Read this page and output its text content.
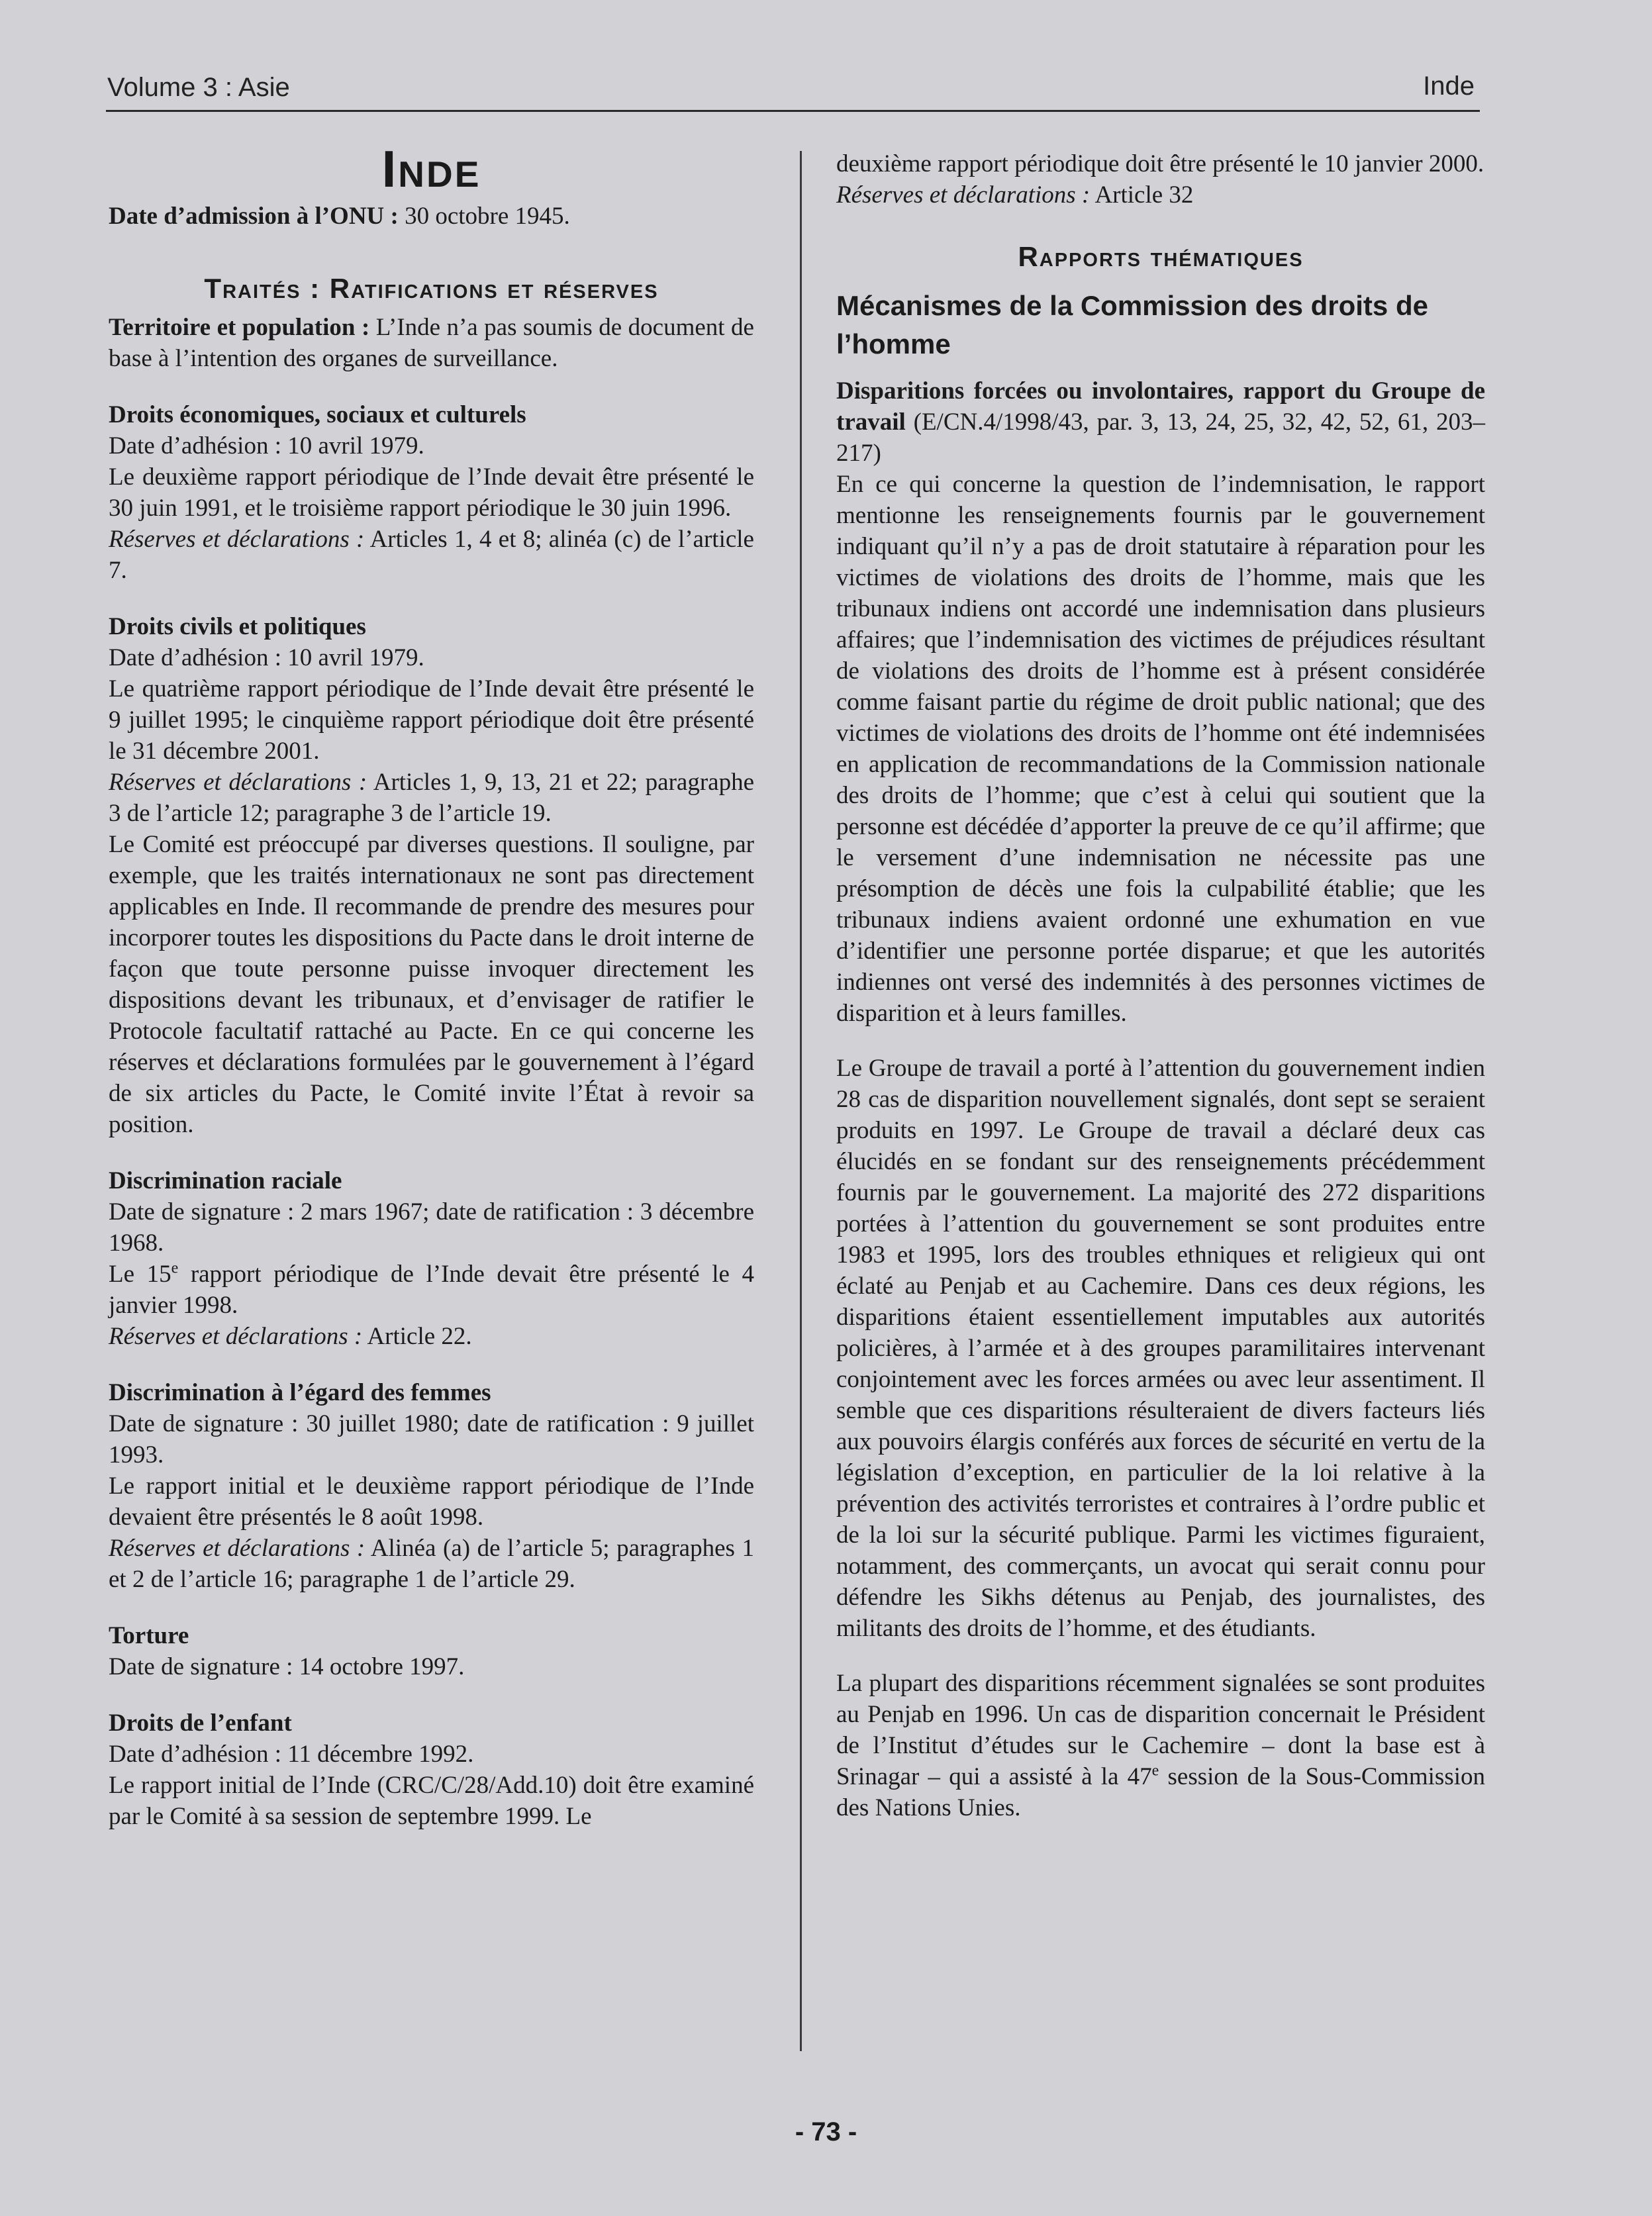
Volume 3 : Asie	Inde
Inde

Date d’admission à l’ONU : 30 octobre 1945.

Traités : Ratifications et réserves

Territoire et population : L’Inde n’a pas soumis de document de base à l’intention des organes de surveillance.

Droits économiques, sociaux et culturels

Date d’adhésion : 10 avril 1979.

Le deuxième rapport périodique de l’Inde devait être présenté le 30 juin 1991, et le troisième rapport périodique le 30 juin 1996.

Réserves et déclarations : Articles 1, 4 et 8; alinéa (c) de l’article 7.

Droits civils et politiques

Date d’adhésion : 10 avril 1979.

Le quatrième rapport périodique de l’Inde devait être présenté le 9 juillet 1995; le cinquième rapport périodique doit être présenté le 31 décembre 2001.

Réserves et déclarations : Articles 1, 9, 13, 21 et 22; paragraphe 3 de l’article 12; paragraphe 3 de l’article 19.

Le Comité est préoccupé par diverses questions. Il souligne, par exemple, que les traités internationaux ne sont pas directement applicables en Inde. Il recommande de prendre des mesures pour incorporer toutes les dispositions du Pacte dans le droit interne de façon que toute personne puisse invoquer directement les dispositions devant les tribunaux, et d’envisager de ratifier le Protocole facultatif rattaché au Pacte. En ce qui concerne les réserves et déclarations formulées par le gouvernement à l’égard de six articles du Pacte, le Comité invite l’État à revoir sa position.

Discrimination raciale

Date de signature : 2 mars 1967; date de ratification : 3 décembre 1968.

Le 15e rapport périodique de l’Inde devait être présenté le 4 janvier 1998.

Réserves et déclarations : Article 22.

Discrimination à l’égard des femmes

Date de signature : 30 juillet 1980; date de ratification : 9 juillet 1993.

Le rapport initial et le deuxième rapport périodique de l’Inde devaient être présentés le 8 août 1998.

Réserves et déclarations : Alinéa (a) de l’article 5; paragraphes 1 et 2 de l’article 16; paragraphe 1 de l’article 29.

Torture

Date de signature : 14 octobre 1997.

Droits de l’enfant

Date d’adhésion : 11 décembre 1992.

Le rapport initial de l’Inde (CRC/C/28/Add.10) doit être examiné par le Comité à sa session de septembre 1999. Le

deuxième rapport périodique doit être présenté le 10 janvier 2000.

Réserves et déclarations : Article 32

Rapports thématiques
Mécanismes de la Commission des droits de l’homme

Disparitions forcées ou involontaires, rapport du Groupe de travail (E/CN.4/1998/43, par. 3, 13, 24, 25, 32, 42, 52, 61, 203–217)

En ce qui concerne la question de l’indemnisation, le rapport mentionne les renseignements fournis par le gouvernement indiquant qu’il n’y a pas de droit statutaire à réparation pour les victimes de violations des droits de l’homme, mais que les tribunaux indiens ont accordé une indemnisation dans plusieurs affaires; que l’indemnisation des victimes de préjudices résultant de violations des droits de l’homme est à présent considérée comme faisant partie du régime de droit public national; que des victimes de violations des droits de l’homme ont été indemnisées en application de recommandations de la Commission nationale des droits de l’homme; que c’est à celui qui soutient que la personne est décédée d’apporter la preuve de ce qu’il affirme; que le versement d’une indemnisation ne nécessite pas une présomption de décès une fois la culpabilité établie; que les tribunaux indiens avaient ordonné une exhumation en vue d’identifier une personne portée disparue; et que les autorités indiennes ont versé des indemnités à des personnes victimes de disparition et à leurs familles.

Le Groupe de travail a porté à l’attention du gouvernement indien 28 cas de disparition nouvellement signalés, dont sept se seraient produits en 1997. Le Groupe de travail a déclaré deux cas élucidés en se fondant sur des renseignements précédemment fournis par le gouvernement. La majorité des 272 disparitions portées à l’attention du gouvernement se sont produites entre 1983 et 1995, lors des troubles ethniques et religieux qui ont éclaté au Penjab et au Cachemire. Dans ces deux régions, les disparitions étaient essentiellement imputables aux autorités policières, à l’armée et à des groupes paramilitaires intervenant conjointement avec les forces armées ou avec leur assentiment. Il semble que ces disparitions résulteraient de divers facteurs liés aux pouvoirs élargis conférés aux forces de sécurité en vertu de la législation d’exception, en particulier de la loi relative à la prévention des activités terroristes et contraires à l’ordre public et de la loi sur la sécurité publique. Parmi les victimes figuraient, notamment, des commerçants, un avocat qui serait connu pour défendre les Sikhs détenus au Penjab, des journalistes, des militants des droits de l’homme, et des étudiants.

La plupart des disparitions récemment signalées se sont produites au Penjab en 1996. Un cas de disparition concernait le Président de l’Institut d’études sur le Cachemire – dont la base est à Srinagar – qui a assisté à la 47e session de la Sous-Commission des Nations Unies.

- 73 -
